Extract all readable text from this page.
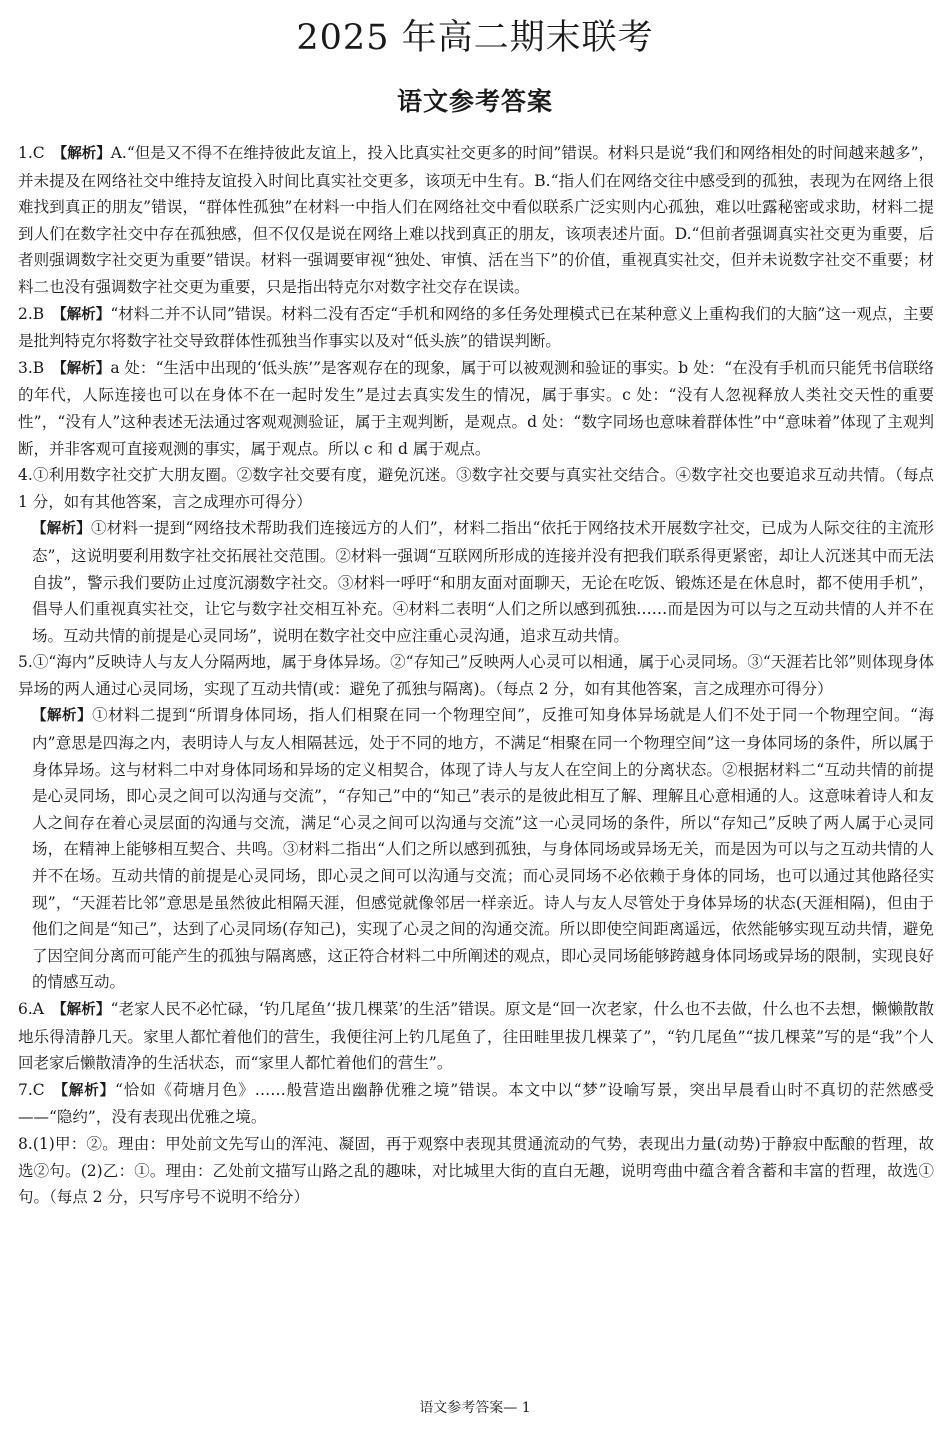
2025 年高二期末联考
语文参考答案
1.C 【解析】A.“但是又不得不在维持彼此友谊上，投入比真实社交更多的时间”错误。材料只是说“我们和网络相处的时间越来越多”，并未提及在网络社交中维持友谊投入时间比真实社交更多，该项无中生有。B.“指人们在网络交往中感受到的孤独，表现为在网络上很难找到真正的朋友”错误，“群体性孤独”在材料一中指人们在网络社交中看似联系广泛实则内心孤独，难以吐露秘密或求助，材料二提到人们在数字社交中存在孤独感，但不仅仅是说在网络上难以找到真正的朋友，该项表述片面。D.“但前者强调真实社交更为重要，后者则强调数字社交更为重要”错误。材料一强调要审视“独处、审慎、活在当下”的价值，重视真实社交，但并未说数字社交不重要；材料二也没有强调数字社交更为重要，只是指出特克尔对数字社交存在误读。
2.B 【解析】“材料二并不认同”错误。材料二没有否定“手机和网络的多任务处理模式已在某种意义上重构我们的大脑”这一观点，主要是批判特克尔将数字社交导致群体性孤独当作事实以及对“低头族”的错误判断。
3.B 【解析】a 处：“生活中出现的‘低头族’”是客观存在的现象，属于可以被观测和验证的事实。b 处：“在没有手机而只能凭书信联络的年代，人际连接也可以在身体不在一起时发生”是过去真实发生的情况，属于事实。c 处：“没有人忽视释放人类社交天性的重要性”，“没有人”这种表述无法通过客观观测验证，属于主观判断，是观点。d 处：“数字同场也意味着群体性”中“意味着”体现了主观判断，并非客观可直接观测的事实，属于观点。所以 c 和 d 属于观点。
4.①利用数字社交扩大朋友圈。②数字社交要有度，避免沉迷。③数字社交要与真实社交结合。④数字社交也要追求互动共情。（每点 1 分，如有其他答案，言之成理亦可得分）
【解析】①材料一提到“网络技术帮助我们连接远方的人们”，材料二指出“依托于网络技术开展数字社交，已成为人际交往的主流形态”，这说明要利用数字社交拓展社交范围。②材料一强调“互联网所形成的连接并没有把我们联系得更紧密，却让人沉迷其中而无法自拔”，警示我们要防止过度沉溺数字社交。③材料一呼吁“和朋友面对面聊天，无论在吃饭、锻炼还是在休息时，都不使用手机”，倡导人们重视真实社交，让它与数字社交相互补充。④材料二表明“人们之所以感到孤独……而是因为可以与之互动共情的人并不在场。互动共情的前提是心灵同场”，说明在数字社交中应注重心灵沟通，追求互动共情。
5.①“海内”反映诗人与友人分隔两地，属于身体异场。②“存知己”反映两人心灵可以相通，属于心灵同场。③“天涯若比邻”则体现身体异场的两人通过心灵同场，实现了互动共情(或：避免了孤独与隔离)。（每点 2 分，如有其他答案，言之成理亦可得分）
【解析】①材料二提到“所谓身体同场，指人们相聚在同一个物理空间”，反推可知身体异场就是人们不处于同一个物理空间。“海内”意思是四海之内，表明诗人与友人相隔甚远，处于不同的地方，不满足“相聚在同一个物理空间”这一身体同场的条件，所以属于身体异场。这与材料二中对身体同场和异场的定义相契合，体现了诗人与友人在空间上的分离状态。②根据材料二“互动共情的前提是心灵同场，即心灵之间可以沟通与交流”，“存知己”中的“知己”表示的是彼此相互了解、理解且心意相通的人。这意味着诗人和友人之间存在着心灵层面的沟通与交流，满足“心灵之间可以沟通与交流”这一心灵同场的条件，所以“存知己”反映了两人属于心灵同场，在精神上能够相互契合、共鸣。③材料二指出“人们之所以感到孤独，与身体同场或异场无关，而是因为可以与之互动共情的人并不在场。互动共情的前提是心灵同场，即心灵之间可以沟通与交流；而心灵同场不必依赖于身体的同场，也可以通过其他路径实现”，“天涯若比邻”意思是虽然彼此相隔天涯，但感觉就像邻居一样亲近。诗人与友人尽管处于身体异场的状态(天涯相隔)，但由于他们之间是“知己”，达到了心灵同场(存知己)，实现了心灵之间的沟通交流。所以即使空间距离遥远，依然能够实现互动共情，避免了因空间分离而可能产生的孤独与隔离感，这正符合材料二中所阐述的观点，即心灵同场能够跨越身体同场或异场的限制，实现良好的情感互动。
6.A 【解析】“老家人民不必忙碌，‘钓几尾鱼’‘拔几棵菜’的生活”错误。原文是“回一次老家，什么也不去做，什么也不去想，懒懒散散地乐得清静几天。家里人都忙着他们的营生，我便往河上钓几尾鱼了，往田畦里拔几棵菜了”，“钓几尾鱼”“拔几棵菜”写的是“我”个人回老家后懒散清净的生活状态，而“家里人都忙着他们的营生”。
7.C 【解析】“恰如《荷塘月色》……般营造出幽静优雅之境”错误。本文中以“梦”设喻写景，突出早晨看山时不真切的茫然感受——“隐约”，没有表现出优雅之境。
8.(1)甲：②。理由：甲处前文先写山的浑沌、凝固，再于观察中表现其贯通流动的气势，表现出力量(动势)于静寂中酝酿的哲理，故选②句。(2)乙：①。理由：乙处前文描写山路之乱的趣味，对比城里大街的直白无趣，说明弯曲中蕴含着含蓄和丰富的哲理，故选①句。（每点 2 分，只写序号不说明不给分）
语文参考答案— 1
